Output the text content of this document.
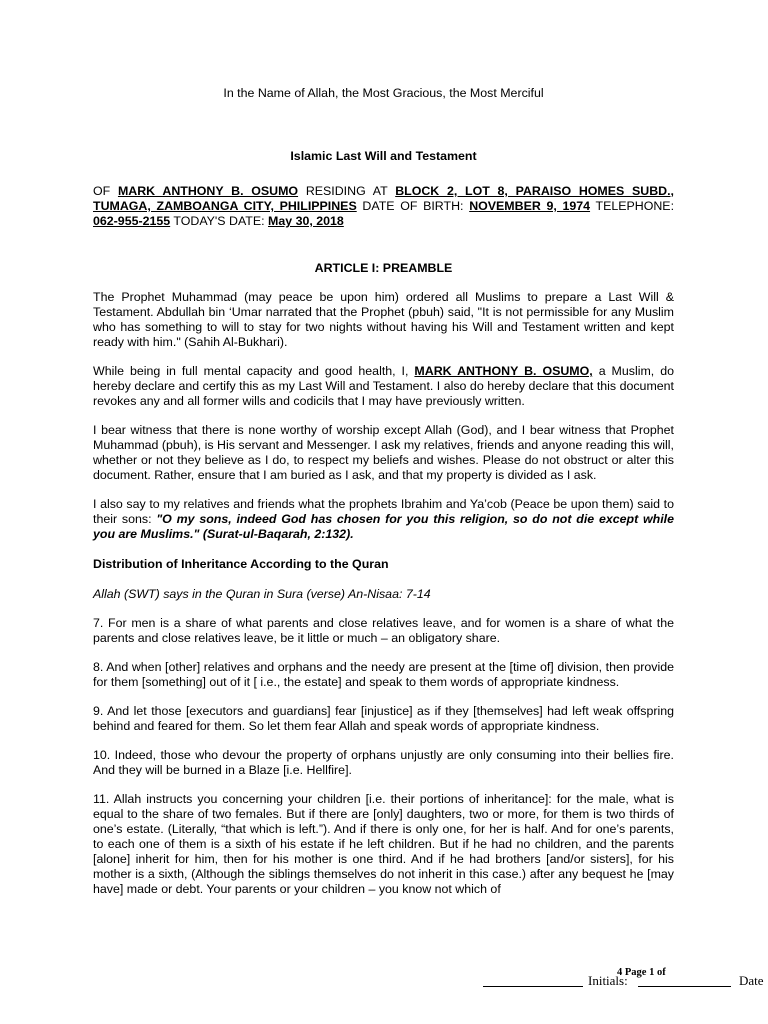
In the Name of Allah, the Most Gracious, the Most Merciful

Islamic Last Will and Testament

OF MARK ANTHONY B. OSUMO RESIDING AT BLOCK 2, LOT 8, PARAISO HOMES SUBD., TUMAGA, ZAMBOANGA CITY, PHILIPPINES DATE OF BIRTH: NOVEMBER 9, 1974 TELEPHONE: 062-955-2155 TODAY'S DATE: May 30, 2018

ARTICLE I: PREAMBLE

The Prophet Muhammad (may peace be upon him) ordered all Muslims to prepare a Last Will & Testament. Abdullah bin ‘Umar narrated that the Prophet (pbuh) said, "It is not permissible for any Muslim who has something to will to stay for two nights without having his Will and Testament written and kept ready with him." (Sahih Al-Bukhari).

While being in full mental capacity and good health, I, MARK ANTHONY B. OSUMO, a Muslim, do hereby declare and certify this as my Last Will and Testament. I also do hereby declare that this document revokes any and all former wills and codicils that I may have previously written.

I bear witness that there is none worthy of worship except Allah (God), and I bear witness that Prophet Muhammad (pbuh), is His servant and Messenger. I ask my relatives, friends and anyone reading this will, whether or not they believe as I do, to respect my beliefs and wishes. Please do not obstruct or alter this document. Rather, ensure that I am buried as I ask, and that my property is divided as I ask.

I also say to my relatives and friends what the prophets Ibrahim and Ya’cob (Peace be upon them) said to their sons: "O my sons, indeed God has chosen for you this religion, so do not die except while you are Muslims." (Surat-ul-Baqarah, 2:132).

Distribution of Inheritance According to the Quran

Allah (SWT) says in the Quran in Sura (verse) An-Nisaa: 7-14

7. For men is a share of what parents and close relatives leave, and for women is a share of what the parents and close relatives leave, be it little or much – an obligatory share.

8. And when [other] relatives and orphans and the needy are present at the [time of] division, then provide for them [something] out of it [ i.e., the estate] and speak to them words of appropriate kindness.

9. And let those [executors and guardians] fear [injustice] as if they [themselves] had left weak offspring behind and feared for them. So let them fear Allah and speak words of appropriate kindness.

10. Indeed, those who devour the property of orphans unjustly are only consuming into their bellies fire. And they will be burned in a Blaze [i.e. Hellfire].

11. Allah instructs you concerning your children [i.e. their portions of inheritance]: for the male, what is equal to the share of two females. But if there are [only] daughters, two or more, for them is two thirds of one’s estate. (Literally, “that which is left.”). And if there is only one, for her is half. And for one’s parents, to each one of them is a sixth of his estate if he left children. But if he had no children, and the parents [alone] inherit for him, then for his mother is one third. And if he had brothers [and/or sisters], for his mother is a sixth, (Although the siblings themselves do not inherit in this case.) after any bequest he [may have] made or debt. Your parents or your children – you know not which of

4 Page 1 of
Initials:	Date
